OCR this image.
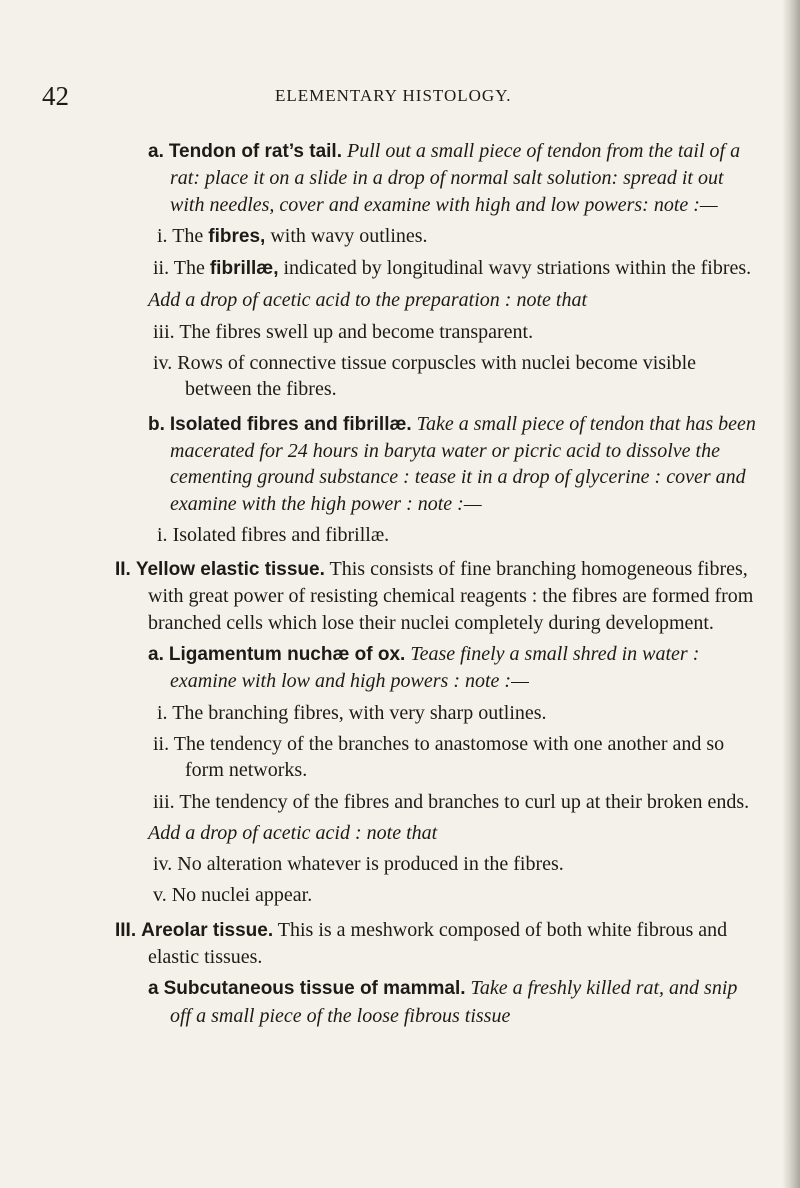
42	ELEMENTARY HISTOLOGY.

a. Tendon of rat’s tail. Pull out a small piece of tendon from the tail of a rat: place it on a slide in a drop of normal salt solution: spread it out with needles, cover and examine with high and low powers: note :—

i. The fibres, with wavy outlines.

ii. The fibrillæ, indicated by longitudinal wavy striations within the fibres.

Add a drop of acetic acid to the preparation : note that

iii. The fibres swell up and become transparent.

iv. Rows of connective tissue corpuscles with nuclei become visible between the fibres.

b. Isolated fibres and fibrillæ. Take a small piece of tendon that has been macerated for 24 hours in baryta water or picric acid to dissolve the cementing ground substance : tease it in a drop of glycerine : cover and examine with the high power : note :—

i. Isolated fibres and fibrillæ.

II. Yellow elastic tissue. This consists of fine branching homogeneous fibres, with great power of resisting chemical reagents : the fibres are formed from branched cells which lose their nuclei completely during development.

a. Ligamentum nuchæ of ox. Tease finely a small shred in water : examine with low and high powers : note :—

i. The branching fibres, with very sharp outlines.

ii. The tendency of the branches to anastomose with one another and so form networks.

iii. The tendency of the fibres and branches to curl up at their broken ends.

Add a drop of acetic acid : note that

iv. No alteration whatever is produced in the fibres.

v. No nuclei appear.

III. Areolar tissue. This is a meshwork composed of both white fibrous and elastic tissues.

a Subcutaneous tissue of mammal. Take a freshly killed rat, and snip off a small piece of the loose fibrous tissue
